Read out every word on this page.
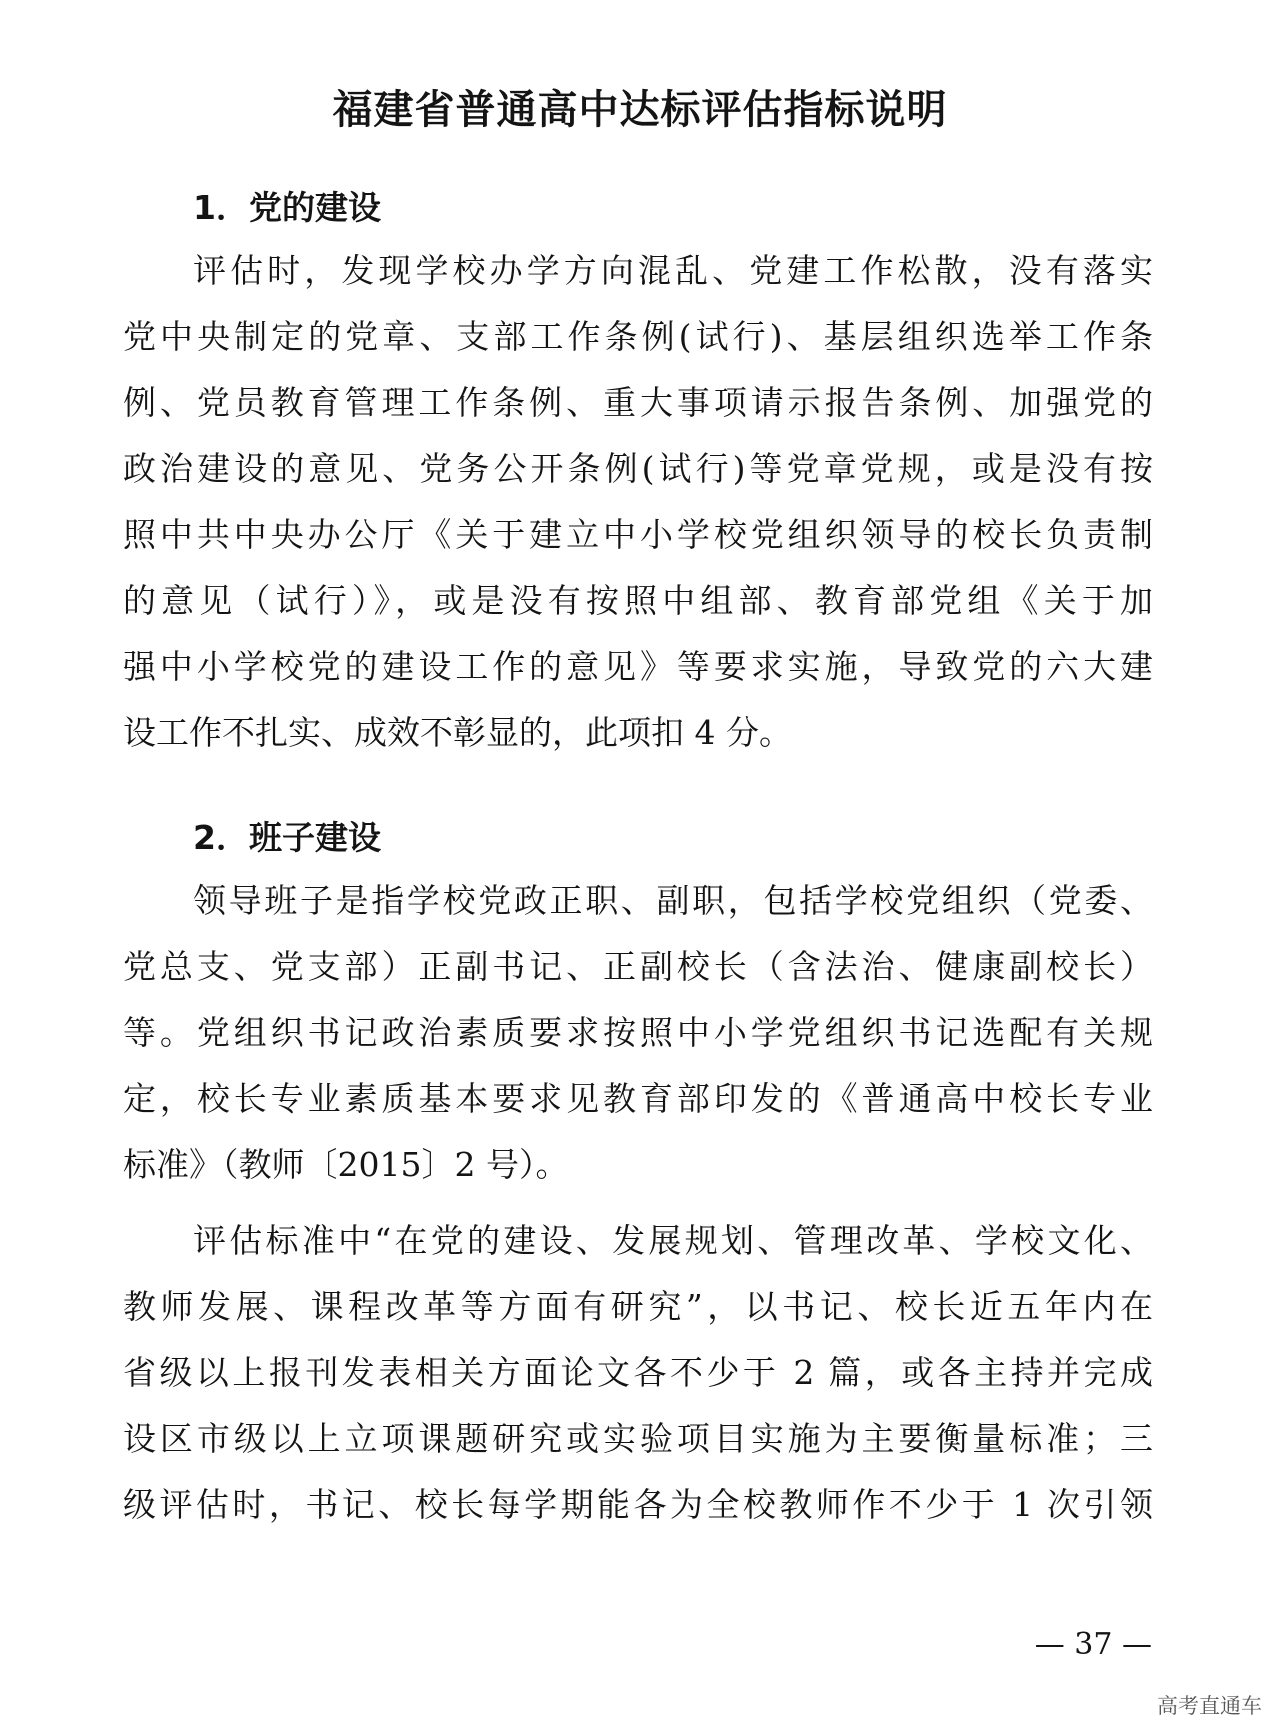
福建省普通高中达标评估指标说明
1．党的建设
评估时，发现学校办学方向混乱、党建工作松散，没有落实
党中央制定的党章、支部工作条例(试行)、基层组织选举工作条
例、党员教育管理工作条例、重大事项请示报告条例、加强党的
政治建设的意见、党务公开条例(试行)等党章党规，或是没有按
照中共中央办公厅《关于建立中小学校党组织领导的校长负责制
的意见（试行）》，或是没有按照中组部、教育部党组《关于加
强中小学校党的建设工作的意见》等要求实施，导致党的六大建
设工作不扎实、成效不彰显的，此项扣 4 分。
2．班子建设
领导班子是指学校党政正职、副职，包括学校党组织（党委、
党总支、党支部）正副书记、正副校长（含法治、健康副校长）
等。党组织书记政治素质要求按照中小学党组织书记选配有关规
定，校长专业素质基本要求见教育部印发的《普通高中校长专业
标准》（教师〔2015〕2 号）。
评估标准中“在党的建设、发展规划、管理改革、学校文化、
教师发展、课程改革等方面有研究”，以书记、校长近五年内在
省级以上报刊发表相关方面论文各不少于 2 篇，或各主持并完成
设区市级以上立项课题研究或实验项目实施为主要衡量标准；三
级评估时，书记、校长每学期能各为全校教师作不少于 1 次引领
— 37 —
高考直通车
